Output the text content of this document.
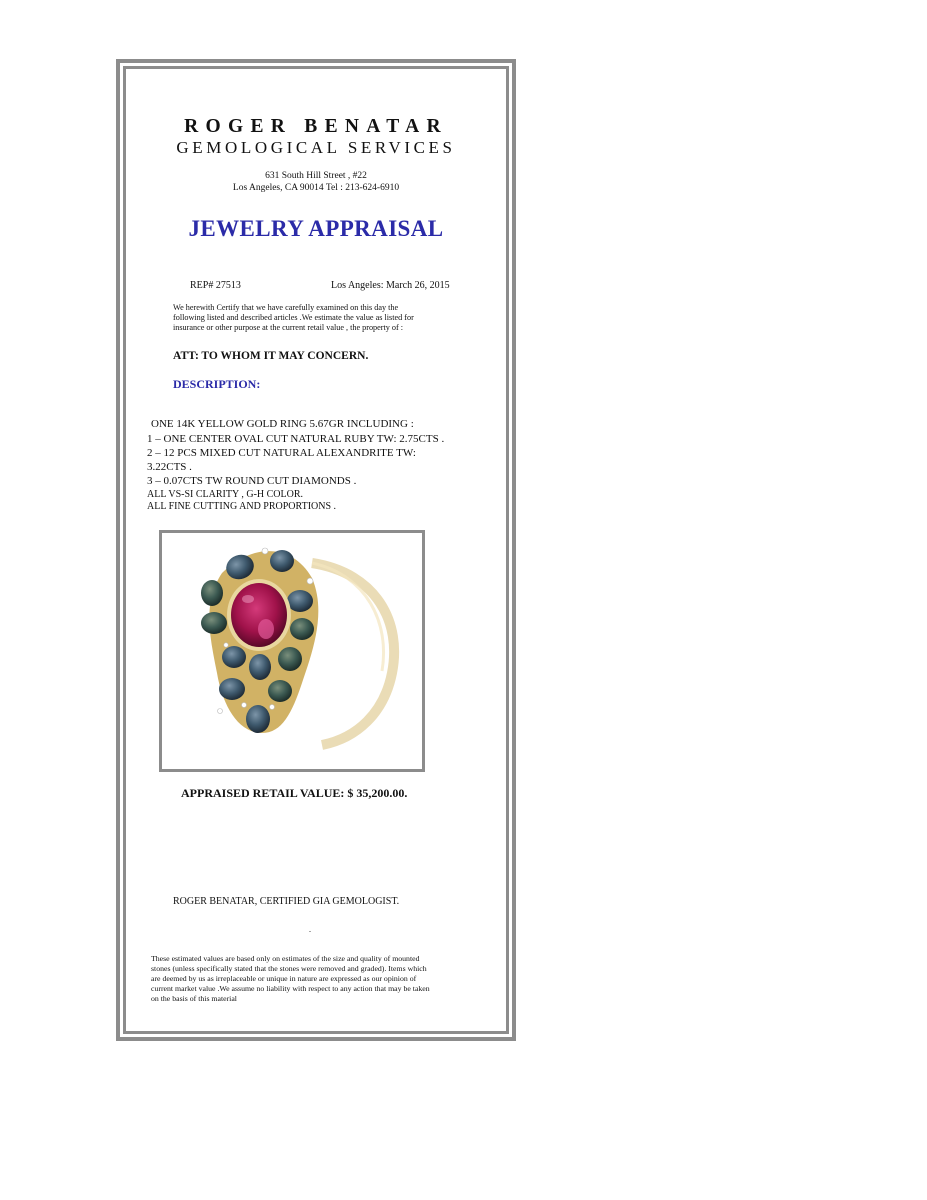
ROGER BENATAR
GEMOLOGICAL SERVICES
631 South Hill Street , #22
Los Angeles, CA 90014 Tel : 213-624-6910
JEWELRY APPRAISAL
REP# 27513	Los Angeles: March 26, 2015
We herewith Certify that we have carefully examined on this day the
following listed and described articles .We estimate the value as listed for
insurance or other purpose at the current retail value , the property of :
ATT: TO WHOM IT MAY CONCERN.
DESCRIPTION:
ONE 14K YELLOW GOLD RING 5.67GR INCLUDING :
1 – ONE CENTER OVAL CUT NATURAL RUBY TW: 2.75CTS .
2 – 12 PCS MIXED CUT NATURAL ALEXANDRITE TW:
3.22CTS .
3 – 0.07CTS TW ROUND CUT DIAMONDS .
ALL VS-SI CLARITY , G-H COLOR.
ALL FINE CUTTING AND PROPORTIONS .
APPRAISED RETAIL VALUE: $ 35,200.00.
ROGER BENATAR, CERTIFIED GIA GEMOLOGIST.
.
These estimated values are based only on estimates of the size and quality of mounted
stones (unless specifically stated that the stones were removed and graded). Items which
are deemed by us as irreplaceable or unique in nature are expressed as our opinion of
current market value .We assume no liability with respect to any action that may be taken
on the basis of this material
